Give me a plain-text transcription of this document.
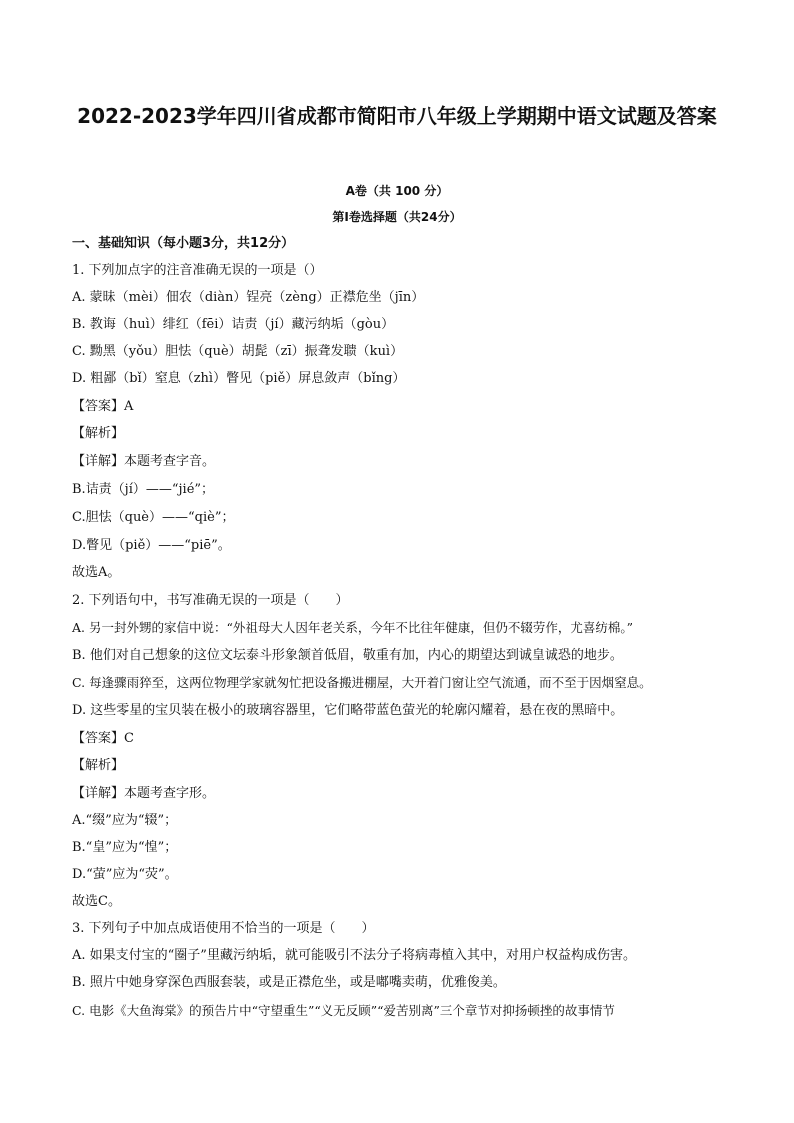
2022-2023学年四川省成都市简阳市八年级上学期期中语文试题及答案

A卷（共 100 分）

第Ⅰ卷选择题（共24分）

一、基础知识（每小题3分，共12分）

1. 下列加点字的注音准确无误的一项是（）

A. 蒙昧（mèi）佃农（diàn）锃亮（zèng）正襟危坐（jīn）

B. 教诲（huì）绯红（fēi）诘责（jí）藏污纳垢（gòu）

C. 黝黑（yǒu）胆怯（què）胡髭（zī）振聋发聩（kuì）

D. 粗鄙（bǐ）窒息（zhì）瞥见（piě）屏息敛声（bǐng）

【答案】A

【解析】

【详解】本题考查字音。

B.诘责（jí）——“jié”；

C.胆怯（què）——“qiè”；

D.瞥见（piě）——“piē”。

故选A。

2. 下列语句中，书写准确无误的一项是（　　）

A. 另一封外甥的家信中说：“外祖母大人因年老关系，今年不比往年健康，但仍不辍劳作，尤喜纺棉。”

B. 他们对自己想象的这位文坛泰斗形象颔首低眉，敬重有加，内心的期望达到诚皇诚恐的地步。

C. 每逢骤雨猝至，这两位物理学家就匆忙把设备搬进棚屋，大开着门窗让空气流通，而不至于因烟窒息。

D. 这些零星的宝贝装在极小的玻璃容器里，它们略带蓝色萤光的轮廓闪耀着，悬在夜的黑暗中。

【答案】C

【解析】

【详解】本题考查字形。

A.“缀”应为“辍”；

B.“皇”应为“惶”；

D.“萤”应为“荧”。

故选C。

3. 下列句子中加点成语使用不恰当的一项是（　　）

A. 如果支付宝的“圈子”里藏污纳垢，就可能吸引不法分子将病毒植入其中，对用户权益构成伤害。

B. 照片中她身穿深色西服套装，或是正襟危坐，或是嘟嘴卖萌，优雅俊美。

C. 电影《大鱼海棠》的预告片中“守望重生”“义无反顾”“爱苦别离”三个章节对抑扬顿挫的故事情节
